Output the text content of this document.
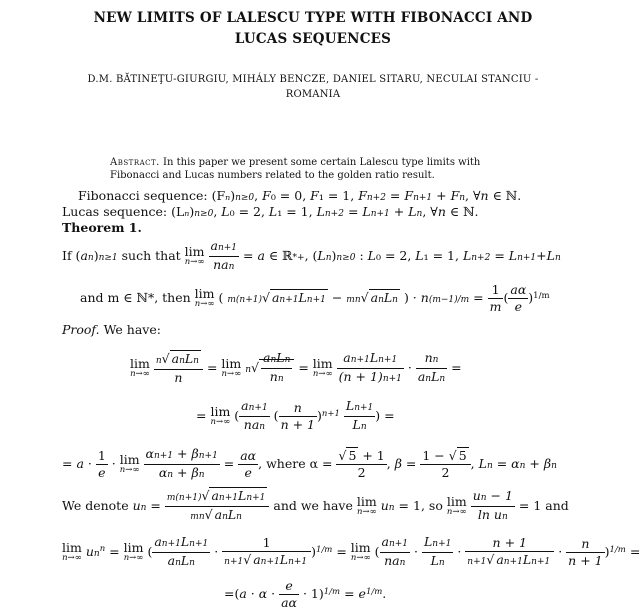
NEW LIMITS OF LALESCU TYPE WITH FIBONACCI AND
LUCAS SEQUENCES
D.M. BĂTINEŢU-GIURGIU, MIHÁLY BENCZE, DANIEL SITARU, NECULAI STANCIU -
ROMANIA
Abstract. In this paper we present some certain Lalescu type limits with
Fibonacci and Lucas numbers related to the golden ratio result.
Fibonacci sequence: (Fₙ)n≥0, F₀ = 0, F₁ = 1, Fn+2 = Fn+1 + Fn, ∀n ∈ ℕ.
Lucas sequence: (Lₙ)n≥0, L₀ = 2, L₁ = 1, Ln+2 = Ln+1 + Ln, ∀n ∈ ℕ.
Theorem 1.
If (an)n≥1 such that lim
n→∞
$\frac{an+1}{\text{nan}} = a$ ∈ ℝ*+, (Ln)n≥0 : L₀ = 2, L₁ = 1, Ln+2 = Ln+1+Ln
and m ∈ ℕ*, then lim
n→∞ ( m(n+1)√ an+1Ln+1 − mn√ anLn ) · $n(m-1)/m = \frac{1}{m}$ ( $\frac{a\alpha}{e} )^{1/m}$
Proof. We have:
lim
n→∞
$\frac{\text{n√ anLn}}{n} = \lim$
n→∞ $n√ \frac{\text{anLn}}{nn} = \lim$
n→∞
$\frac{an+1Ln+1}{(n + 1)n+1} \cdot \frac{nn}{\text{anLn}}$ =
= lim
n→∞ ( $\frac{an+1}{\text{nan}}$ ( $\frac{n}{n + 1} )^{n+1} \frac{Ln+1}{Ln}$ ) =
= $a \cdot \frac{1}{e} \cdot \lim$
n→∞
$\frac{\alpha n+1 + \beta n+1}{\alpha n + \beta n} = \frac{a\alpha}{e}$ , where $\alpha = \frac{√ 5 + 1}{2}$ , $\beta = \frac{1 - √ 5}{2}$ , Ln = αn + βn
We denote un = $\frac{m(n+1)√ an+1Ln+1}{\text{mn√ anLn}}$ and we have lim
n→∞ un = 1, so lim
n→∞
$\frac{un - 1}{\text{ln un}} = 1$ and
lim
n→∞ $un^n = \lim$
n→∞ ( $\frac{an+1Ln+1}{\text{anLn}} \cdot \frac{1}{n+1√ an+1Ln+1} )^{1/m} = \lim$
n→∞ ( $\frac{an+1}{\text{nan}} \cdot \frac{Ln+1}{Ln} \cdot \frac{n + 1}{n+1√ an+1Ln+1} \cdot \frac{n}{n + 1} )^{1/m}$ =
$=(a \cdot \alpha \cdot \frac{e}{a\alpha} \cdot 1)^{1/m} = e^{1/m}$.
